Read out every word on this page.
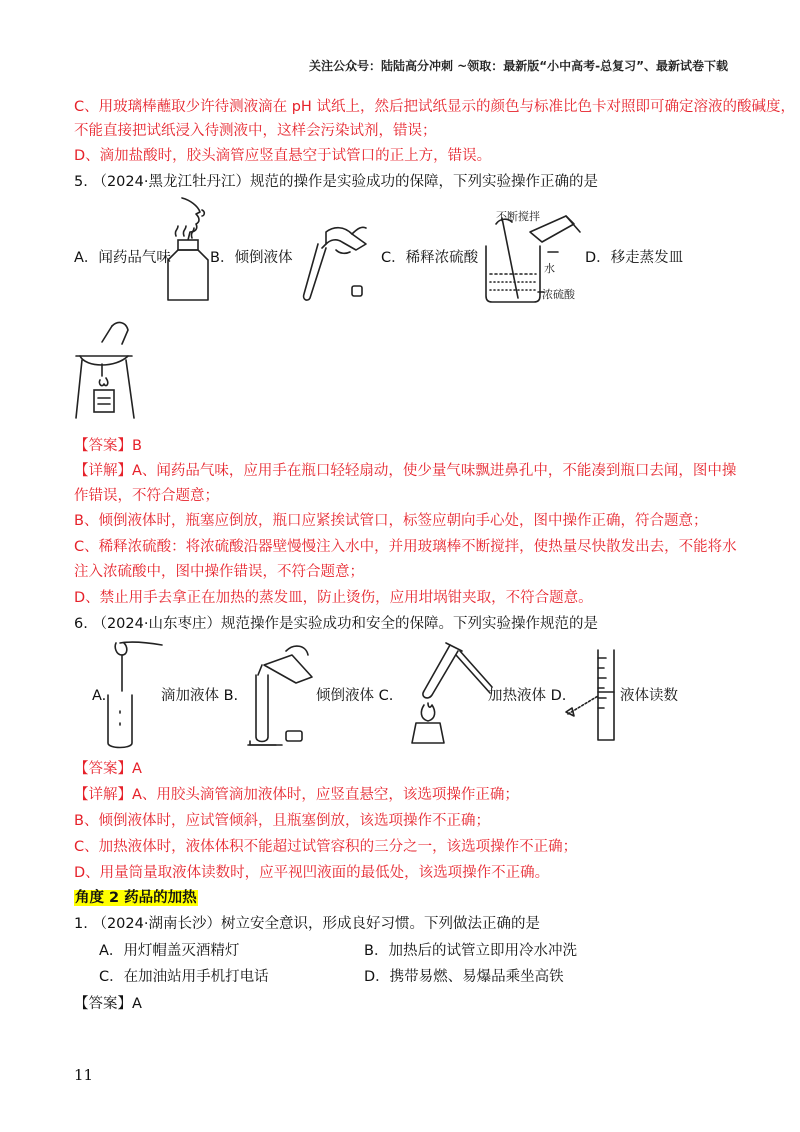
关注公众号：陆陆高分冲刺 ~领取：最新版“小中高考-总复习”、最新试卷下载
C、用玻璃棒蘸取少许待测液滴在 pH 试纸上，然后把试纸显示的颜色与标准比色卡对照即可确定溶液的酸碱度，
不能直接把试纸浸入待测液中，这样会污染试剂，错误；
D、滴加盐酸时，胶头滴管应竖直悬空于试管口的正上方，错误。
5. （2024·黑龙江牡丹江）规范的操作是实验成功的保障，下列实验操作正确的是
A．闻药品气味	B．倾倒液体
不断搅拌
水
浓硫酸
C．稀释浓硫酸	D．移走蒸发皿
【答案】B
【详解】A、闻药品气味，应用手在瓶口轻轻扇动，使少量气味飘进鼻孔中，不能凑到瓶口去闻，图中操
作错误，不符合题意；
B、倾倒液体时，瓶塞应倒放，瓶口应紧挨试管口，标签应朝向手心处，图中操作正确，符合题意；
C、稀释浓硫酸：将浓硫酸沿器壁慢慢注入水中，并用玻璃棒不断搅拌，使热量尽快散发出去，不能将水
注入浓硫酸中，图中操作错误，不符合题意；
D、禁止用手去拿正在加热的蒸发皿，防止烫伤，应用坩埚钳夹取，不符合题意。
6. （2024·山东枣庄）规范操作是实验成功和安全的保障。下列实验操作规范的是
A.	滴加液体 B.	倾倒液体 C.	加热液体 D.	液体读数
【答案】A
【详解】A、用胶头滴管滴加液体时，应竖直悬空，该选项操作正确；
B、倾倒液体时，应试管倾斜，且瓶塞倒放，该选项操作不正确；
C、加热液体时，液体体积不能超过试管容积的三分之一，该选项操作不正确；
D、用量筒量取液体读数时，应平视凹液面的最低处，该选项操作不正确。
角度 2 药品的加热
1. （2024·湖南长沙）树立安全意识，形成良好习惯。下列做法正确的是
A．用灯帽盖灭酒精灯	B．加热后的试管立即用冷水冲洗
C．在加油站用手机打电话	D．携带易燃、易爆品乘坐高铁
【答案】A
11
